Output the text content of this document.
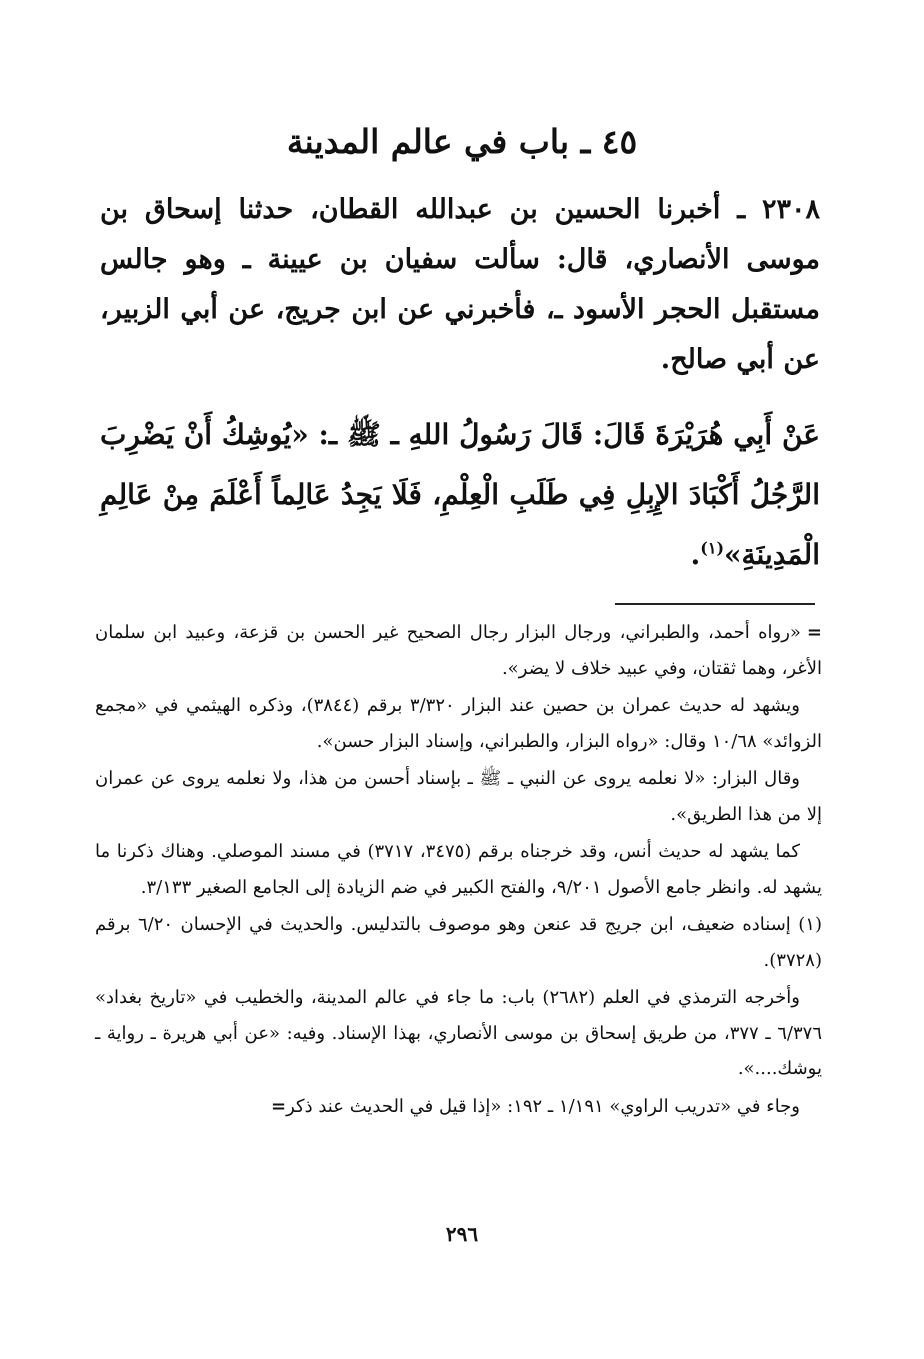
٤٥ ـ باب في عالم المدينة

٢٣٠٨ ـ أخبرنا الحسين بن عبدالله القطان، حدثنا إسحاق بن موسى الأنصاري، قال: سألت سفيان بن عيينة ـ وهو جالس مستقبل الحجر الأسود ـ، فأخبرني عن ابن جريج، عن أبي الزبير، عن أبي صالح.

عَنْ أَبِي هُرَيْرَةَ قَالَ: قَالَ رَسُولُ اللهِ ـ ﷺ ـ: «يُوشِكُ أَنْ يَضْرِبَ الرَّجُلُ أَكْبَادَ الإِبِلِ فِي طَلَبِ الْعِلْمِ، فَلَا يَجِدُ عَالِماً أَعْلَمَ مِنْ عَالِمِ الْمَدِينَةِ»$^{(١)}$.

=«رواه أحمد، والطبراني، ورجال البزار رجال الصحيح غير الحسن بن قزعة، وعبيد ابن سلمان الأغر، وهما ثقتان، وفي عبيد خلاف لا يضر».

ويشهد له حديث عمران بن حصين عند البزار ٣/٣٢٠ برقم (٣٨٤٤)، وذكره الهيثمي في «مجمع الزوائد» ١٠/٦٨ وقال: «رواه البزار، والطبراني، وإسناد البزار حسن».

وقال البزار: «لا نعلمه يروى عن النبي ـ ﷺ ـ بإسناد أحسن من هذا، ولا نعلمه يروى عن عمران إلا من هذا الطريق».

كما يشهد له حديث أنس، وقد خرجناه برقم (٣٤٧٥، ٣٧١٧) في مسند الموصلي. وهناك ذكرنا ما يشهد له. وانظر جامع الأصول ٩/٢٠١، والفتح الكبير في ضم الزيادة إلى الجامع الصغير ٣/١٣٣.

(١) إسناده ضعيف، ابن جريج قد عنعن وهو موصوف بالتدليس. والحديث في الإحسان ٦/٢٠ برقم (٣٧٢٨).

وأخرجه الترمذي في العلم (٢٦٨٢) باب: ما جاء في عالم المدينة، والخطيب في «تاريخ بغداد» ٦/٣٧٦ ـ ٣٧٧، من طريق إسحاق بن موسى الأنصاري، بهذا الإسناد. وفيه: «عن أبي هريرة ـ رواية ـ يوشك....».

وجاء في «تدريب الراوي» ١/١٩١ ـ ١٩٢: «إذا قيل في الحديث عند ذكر=

٢٩٦
